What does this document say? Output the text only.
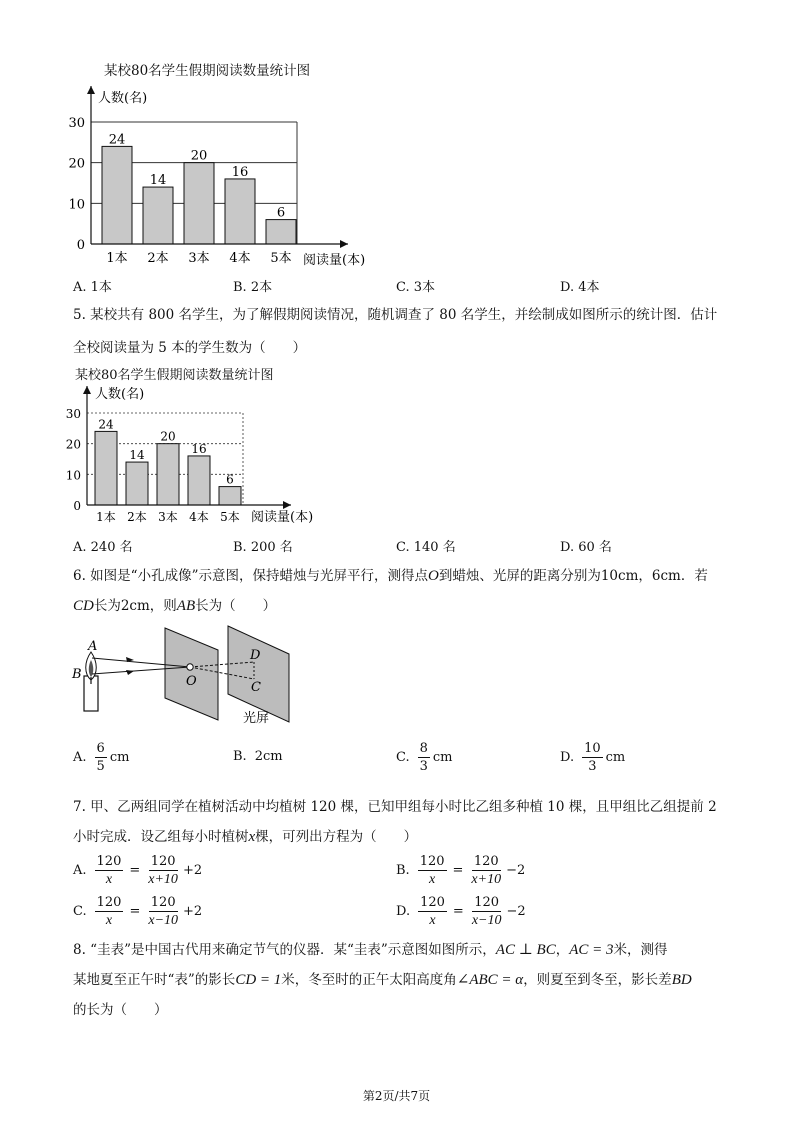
某校80名学生假期阅读数量统计图
人数(名)
阅读量(本)
0
10
20
30
24
1本
14
2本
20
3本
16
4本
6
5本
A. 1本	B. 2本	C. 3本	D. 4本
5. 某校共有 800 名学生，为了解假期阅读情况，随机调查了 80 名学生，并绘制成如图所示的统计图．估计
全校阅读量为 5 本的学生数为（　　）
某校80名学生假期阅读数量统计图
人数(名)
阅读量(本)
0
10
20
30
24
1本
14
2本
20
3本
16
4本
6
5本
A. 240 名	B. 200 名	C. 140 名	D. 60 名
6. 如图是“小孔成像”示意图，保持蜡烛与光屏平行，测得点O到蜡烛、光屏的距离分别为10cm，6cm．若
CD长为2cm，则AB长为（　　）
A
B	O
D
C
光屏
A. $\frac{6}{5}$ cm	B. 2cm	C. $\frac{8}{3}$ cm	D. $\frac{10}{3}$ cm
7. 甲、乙两组同学在植树活动中均植树 120 棵，已知甲组每小时比乙组多种植 10 棵，且甲组比乙组提前 2
小时完成．设乙组每小时植树x棵，可列出方程为（　　）
A. $\frac{120}{x} = \frac{120}{x+10} +2$	B. $\frac{120}{x} = \frac{120}{x+10} -2$
C. $\frac{120}{x} = \frac{120}{x-10} +2$	D. $\frac{120}{x} = \frac{120}{x-10} -2$
8. “圭表”是中国古代用来确定节气的仪器．某“圭表”示意图如图所示，AC ⊥ BC，AC = 3米，测得
某地夏至正午时“表”的影长CD = 1米，冬至时的正午太阳高度角∠ABC = α，则夏至到冬至，影长差BD
的长为（　　）
第2页/共7页
